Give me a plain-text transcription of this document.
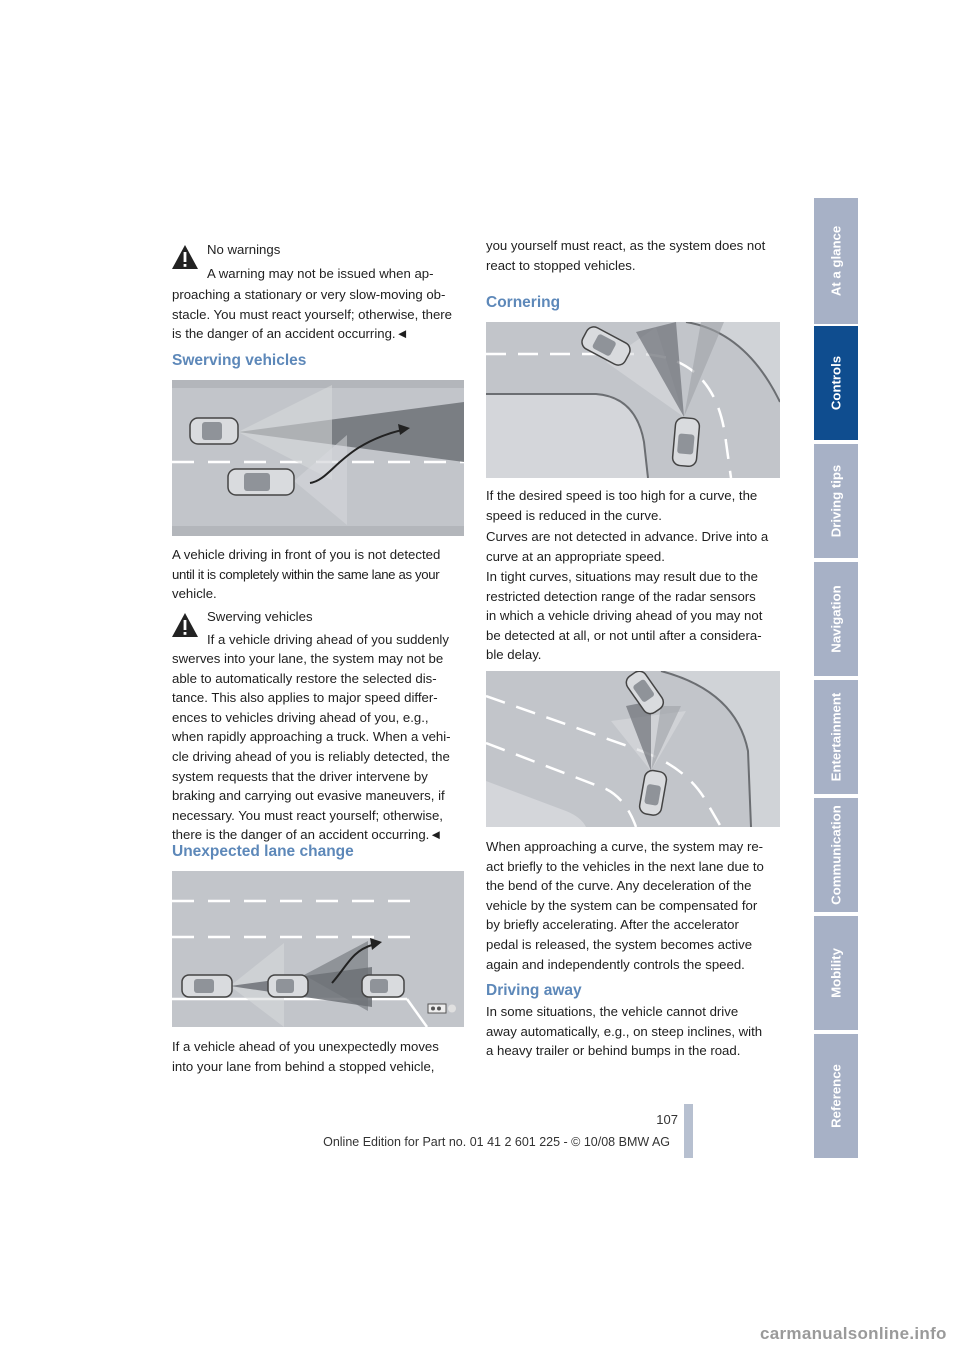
No warnings
A warning may not be issued when ap-

proaching a stationary or very slow-moving ob-

stacle. You must react yourself; otherwise, there

is the danger of an accident occurring.◄

Swerving vehicles

A vehicle driving in front of you is not detected

until it is completely within the same lane as your

vehicle.

Swerving vehicles
If a vehicle driving ahead of you suddenly

swerves into your lane, the system may not be

able to automatically restore the selected dis-

tance. This also applies to major speed differ-

ences to vehicles driving ahead of you, e.g.,

when rapidly approaching a truck. When a vehi-

cle driving ahead of you is reliably detected, the

system requests that the driver intervene by

braking and carrying out evasive maneuvers, if

necessary. You must react yourself; otherwise,

there is the danger of an accident occurring.◄

Unexpected lane change

If a vehicle ahead of you unexpectedly moves

into your lane from behind a stopped vehicle,

you yourself must react, as the system does not

react to stopped vehicles.

Cornering

If the desired speed is too high for a curve, the

speed is reduced in the curve.

Curves are not detected in advance. Drive into a

curve at an appropriate speed.

In tight curves, situations may result due to the

restricted detection range of the radar sensors

in which a vehicle driving ahead of you may not

be detected at all, or not until after a considera-

ble delay.

When approaching a curve, the system may re-

act briefly to the vehicles in the next lane due to

the bend of the curve. Any deceleration of the

vehicle by the system can be compensated for

by briefly accelerating. After the accelerator

pedal is released, the system becomes active

again and independently controls the speed.

Driving away

In some situations, the vehicle cannot drive

away automatically, e.g., on steep inclines, with

a heavy trailer or behind bumps in the road.

At a glance
Controls
Driving tips
Navigation
Entertainment
Communication
Mobility
Reference
107
Online Edition for Part no. 01 41 2 601 225 - © 10/08 BMW AG
carmanualsonline.info
